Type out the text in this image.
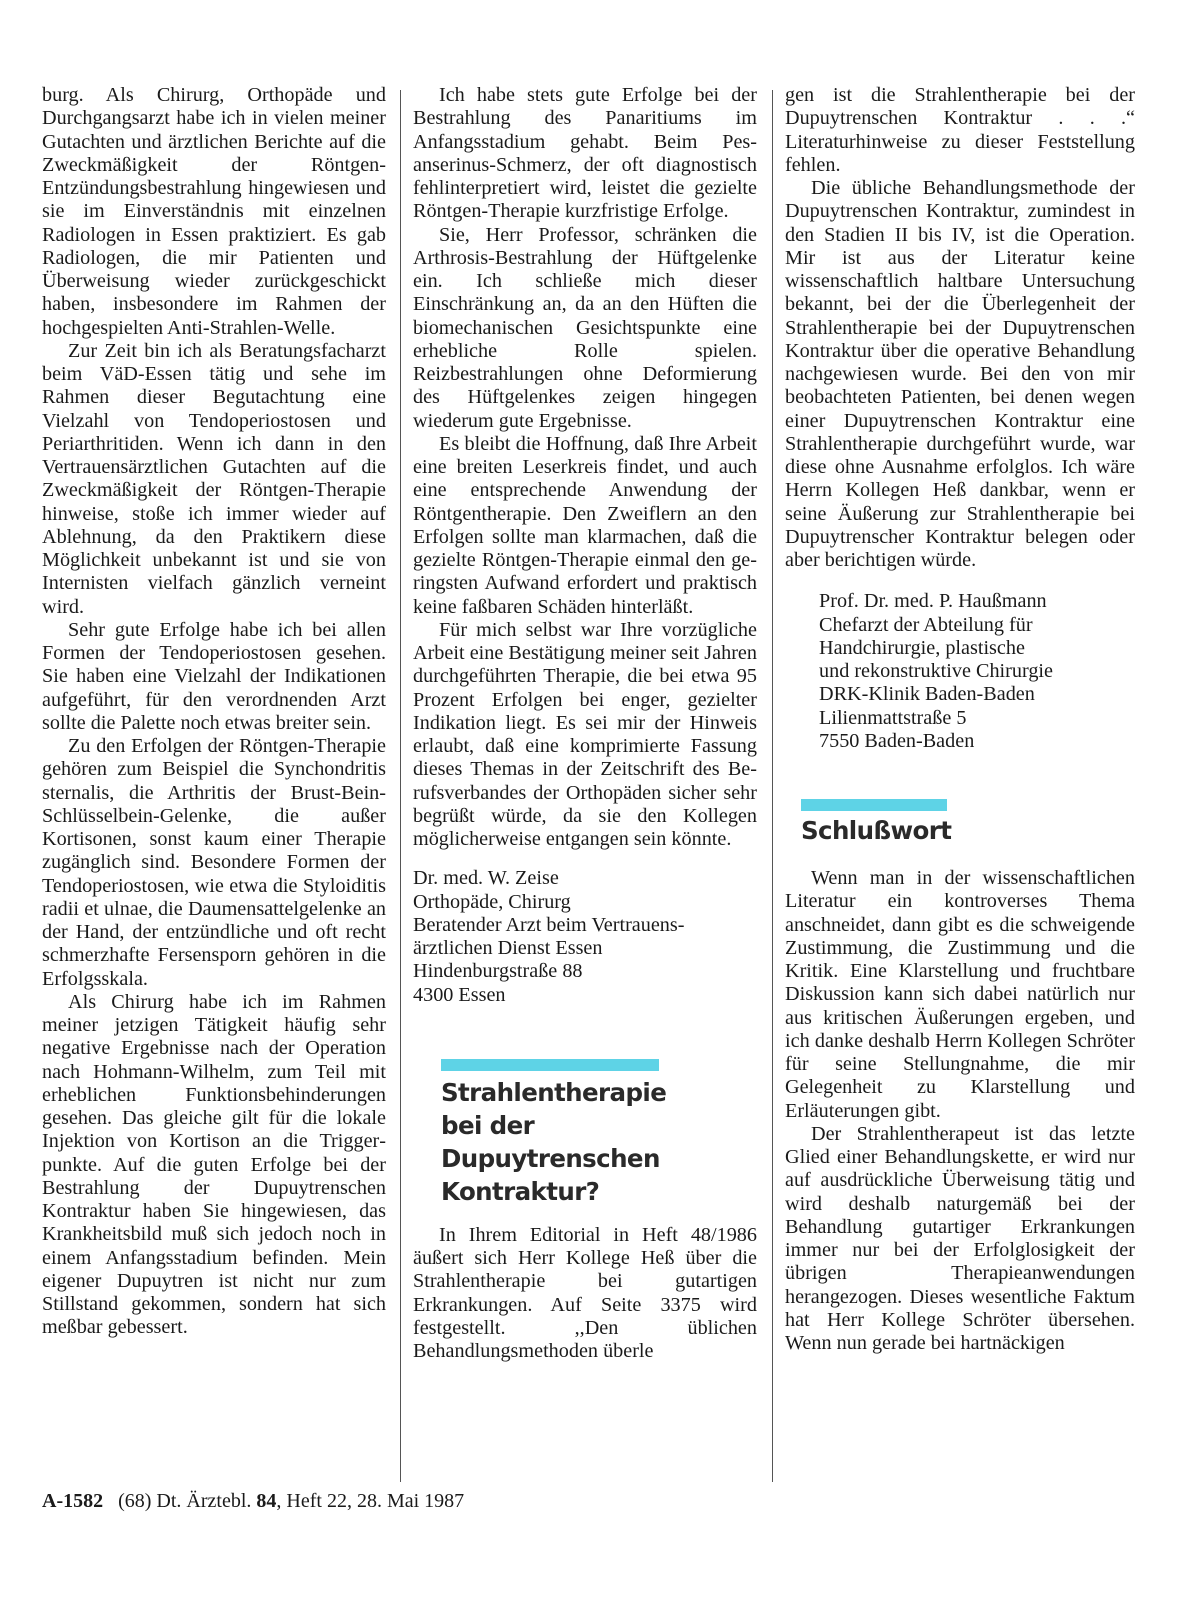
burg. Als Chirurg, Orthopäde und Durchgangsarzt habe ich in vielen meiner Gutachten und ärztlichen Berichte auf die Zweckmäßigkeit der Röntgen-Entzündungsbestrahlung hingewiesen und sie im Einverständnis mit einzelnen Radiologen in Essen praktiziert. Es gab Radiologen, die mir Patienten und Überweisung wieder zurückgeschickt haben, insbesondere im Rahmen der hochgespielten Anti-Strahlen-Welle.

Zur Zeit bin ich als Beratungsfacharzt beim VäD-Essen tätig und sehe im Rahmen dieser Begutachtung eine Vielzahl von Tendoperiostosen und Periarthritiden. Wenn ich dann in den Vertrauensärztlichen Gutachten auf die Zweckmäßigkeit der Röntgen-Therapie hinweise, stoße ich immer wieder auf Ablehnung, da den Praktikern diese Möglichkeit unbekannt ist und sie von Internisten vielfach gänzlich verneint wird.

Sehr gute Erfolge habe ich bei allen Formen der Tendoperiostosen gesehen. Sie haben eine Vielzahl der Indikationen aufgeführt, für den verordnenden Arzt sollte die Palette noch etwas breiter sein.

Zu den Erfolgen der Röntgen-Therapie gehören zum Beispiel die Synchondritis sternalis, die Arthritis der Brust-Bein-Schlüsselbein-Gelenke, die außer Kortisonen, sonst kaum einer Therapie zugänglich sind. Besondere Formen der Tendoperiostosen, wie etwa die Styloiditis radii et ulnae, die Daumensattelgelenke an der Hand, der entzündliche und oft recht schmerzhafte Fersensporn gehören in die Erfolgsskala.

Als Chirurg habe ich im Rahmen meiner jetzigen Tätigkeit häufig sehr negative Ergebnisse nach der Operation nach Hohmann-Wilhelm, zum Teil mit erheblichen Funktionsbehinderungen gesehen. Das gleiche gilt für die lokale Injektion von Kortison an die Triggerpunkte. Auf die guten Erfolge bei der Bestrahlung der Dupuytrenschen Kontraktur haben Sie hingewiesen, das Krankheitsbild muß sich jedoch noch in einem Anfangsstadium befinden. Mein eigener Dupuytren ist nicht nur zum Stillstand gekommen, sondern hat sich meßbar gebessert.

Ich habe stets gute Erfolge bei der Bestrahlung des Panaritiums im Anfangsstadium gehabt. Beim Pesanserinus-Schmerz, der oft diagnostisch fehlinterpretiert wird, leistet die gezielte Röntgen-Therapie kurzfristige Erfolge.

Sie, Herr Professor, schränken die Arthrosis-Bestrahlung der Hüftgelenke ein. Ich schließe mich dieser Einschränkung an, da an den Hüften die biomechanischen Gesichtspunkte eine erhebliche Rolle spielen. Reizbestrahlungen ohne Deformierung des Hüftgelenkes zeigen hingegen wiederum gute Ergebnisse.

Es bleibt die Hoffnung, daß Ihre Arbeit eine breiten Leserkreis findet, und auch eine entsprechende Anwendung der Röntgentherapie. Den Zweiflern an den Erfolgen sollte man klarmachen, daß die gezielte Röntgen-Therapie einmal den geringsten Aufwand erfordert und praktisch keine faßbaren Schäden hinterläßt.

Für mich selbst war Ihre vorzügliche Arbeit eine Bestätigung meiner seit Jahren durchgeführten Therapie, die bei etwa 95 Prozent Erfolgen bei enger, gezielter Indikation liegt. Es sei mir der Hinweis erlaubt, daß eine komprimierte Fassung dieses Themas in der Zeitschrift des Berufsverbandes der Orthopäden sicher sehr begrüßt würde, da sie den Kollegen möglicherweise entgangen sein könnte.

Dr. med. W. Zeise

Orthopäde, Chirurg

Beratender Arzt beim Vertrauens-

ärztlichen Dienst Essen

Hindenburgstraße 88

4300 Essen

Strahlentherapie
bei der
Dupuytrenschen
Kontraktur?

In Ihrem Editorial in Heft 48/1986 äußert sich Herr Kollege Heß über die Strahlentherapie bei gutartigen Erkrankungen. Auf Seite 3375 wird festgestellt. ,,Den üblichen Behandlungsmethoden überle

gen ist die Strahlentherapie bei der Dupuytrenschen Kontraktur . . .“ Literaturhinweise zu dieser Feststellung fehlen.

Die übliche Behandlungsmethode der Dupuytrenschen Kontraktur, zumindest in den Stadien II bis IV, ist die Operation. Mir ist aus der Literatur keine wissenschaftlich haltbare Untersuchung bekannt, bei der die Überlegenheit der Strahlentherapie bei der Dupuytrenschen Kontraktur über die operative Behandlung nachgewiesen wurde. Bei den von mir beobachteten Patienten, bei denen wegen einer Dupuytrenschen Kontraktur eine Strahlentherapie durchgeführt wurde, war diese ohne Ausnahme erfolglos. Ich wäre Herrn Kollegen Heß dankbar, wenn er seine Äußerung zur Strahlentherapie bei Dupuytrenscher Kontraktur belegen oder aber berichtigen würde.

Prof. Dr. med. P. Haußmann

Chefarzt der Abteilung für

Handchirurgie, plastische

und rekonstruktive Chirurgie

DRK-Klinik Baden-Baden

Lilienmattstraße 5

7550 Baden-Baden

Schlußwort

Wenn man in der wissenschaftlichen Literatur ein kontroverses Thema anschneidet, dann gibt es die schweigende Zustimmung, die Zustimmung und die Kritik. Eine Klarstellung und fruchtbare Diskussion kann sich dabei natürlich nur aus kritischen Äußerungen ergeben, und ich danke deshalb Herrn Kollegen Schröter für seine Stellungnahme, die mir Gelegenheit zu Klarstellung und Erläuterungen gibt.

Der Strahlentherapeut ist das letzte Glied einer Behandlungskette, er wird nur auf ausdrückliche Überweisung tätig und wird deshalb naturgemäß bei der Behandlung gutartiger Erkrankungen immer nur bei der Erfolglosigkeit der übrigen Therapieanwendungen herangezogen. Dieses wesentliche Faktum hat Herr Kollege Schröter übersehen. Wenn nun gerade bei hartnäckigen

A-1582 (68) Dt. Ärztebl. 84, Heft 22, 28. Mai 1987
